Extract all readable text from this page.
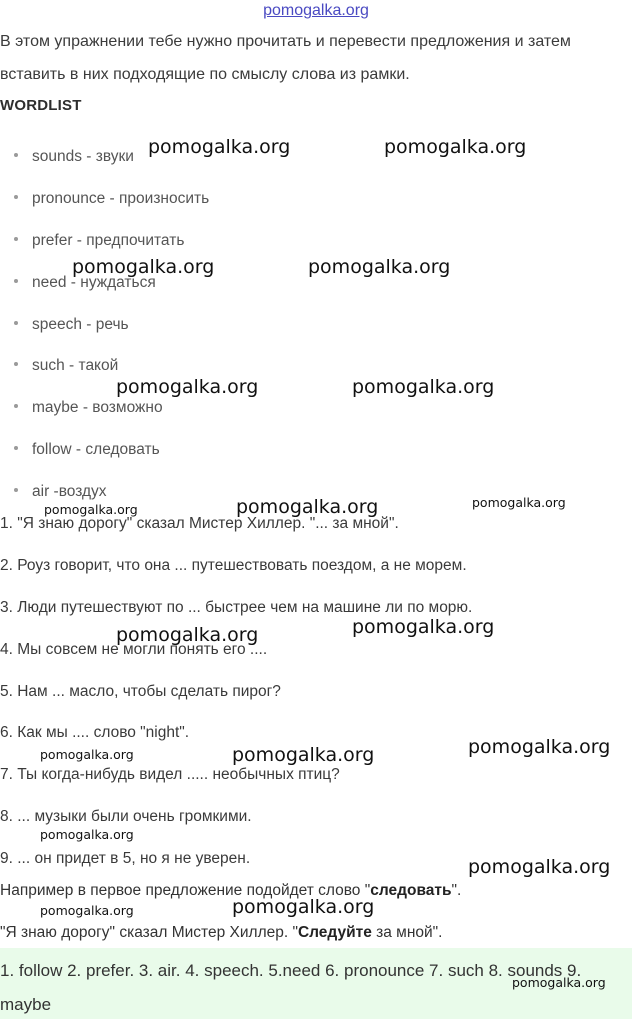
pomogalka.org
В этом упражнении тебе нужно прочитать и перевести предложения и затем
вставить в них подходящие по смыслу слова из рамки.
WORDLIST
sounds - звуки
pronounce - произносить
prefer - предпочитать
need - нуждаться
speech - речь
such - такой
maybe - возможно
follow - следовать
air -воздух
1. "Я знаю дорогу" сказал Мистер Хиллер. "... за мной".
2. Роуз говорит, что она ... путешествовать поездом, а не морем.
3. Люди путешествуют по ... быстрее чем на машине ли по морю.
4. Мы совсем не могли понять его ....
5. Нам ... масло, чтобы сделать пирог?
6. Как мы .... слово "night".
7. Ты когда-нибудь видел ..... необычных птиц?
8. ... музыки были очень громкими.
9. ... он придет в 5, но я не уверен.
Например в первое предложение подойдет слово "следовать".
"Я знаю дорогу" сказал Мистер Хиллер. "Следуйте за мной".

1. follow 2. prefer. 3. air. 4. speech. 5.need 6. pronounce 7. such 8. sounds 9. maybe

pomogalka.org	pomogalka.org
pomogalka.org	pomogalka.org
pomogalka.org	pomogalka.org
pomogalka.org
pomogalka.org	pomogalka.org
pomogalka.org	pomogalka.org
pomogalka.org	pomogalka.org	pomogalka.org
pomogalka.org
pomogalka.org
pomogalka.org	pomogalka.org
pomogalka.org
